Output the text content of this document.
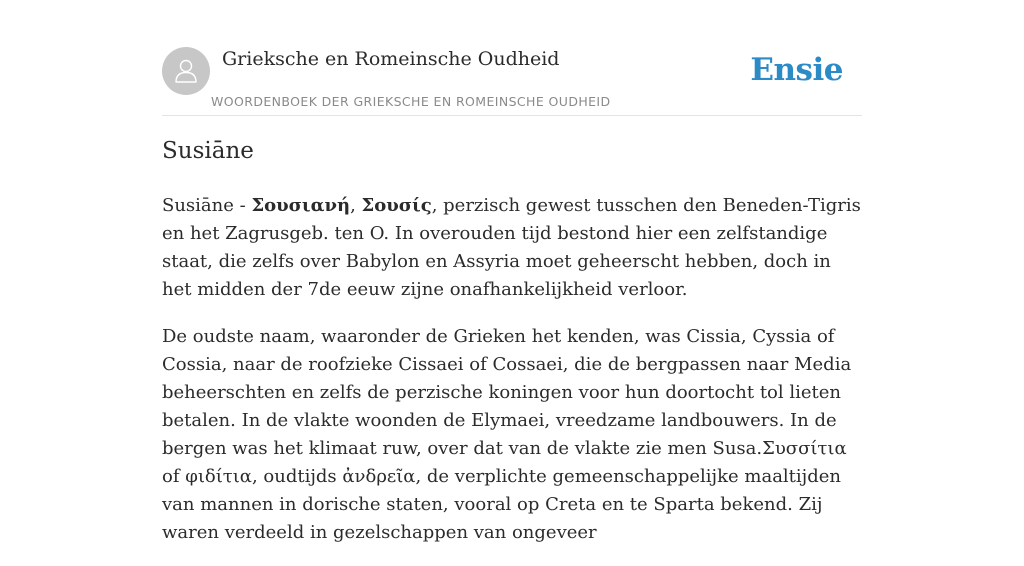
Grieksche en Romeinsche Oudheid
WOORDENBOEK DER GRIEKSCHE EN ROMEINSCHE OUDHEID
Ensie
Susiāne

Susiāne - Σουσιανή, Σουσίς, perzisch gewest tusschen den Beneden-Tigris en het Zagrusgeb. ten O. In overouden tijd bestond hier een zelfstandige staat, die zelfs over Babylon en Assyria moet geheerscht hebben, doch in het midden der 7de eeuw zijne onafhankelijkheid verloor.

De oudste naam, waaronder de Grieken het kenden, was Cissia, Cyssia of Cossia, naar de roofzieke Cissaei of Cossaei, die de bergpassen naar Media beheerschten en zelfs de perzische koningen voor hun doortocht tol lieten betalen. In de vlakte woonden de Elymaei, vreedzame landbouwers. In de bergen was het klimaat ruw, over dat van de vlakte zie men Susa.Συσσίτια of φιδίτια, oudtijds ἀνδρεῖα, de verplichte gemeenschappelijke maaltijden van mannen in dorische staten, vooral op Creta en te Sparta bekend. Zij waren verdeeld in gezelschappen van ongeveer
